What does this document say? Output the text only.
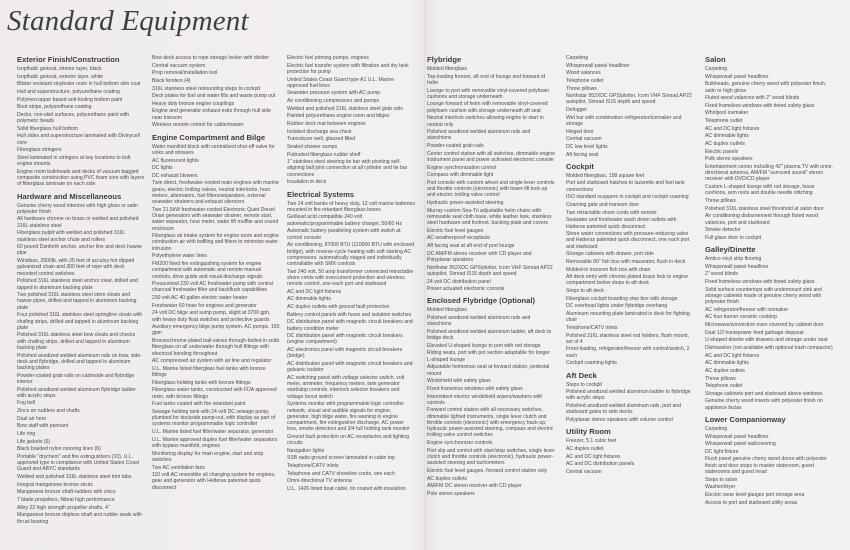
Standard Equipment
Exterior Finish/Construction
Isopthalic gelcoat, interior layer, black
Isopthalic gelcoat, exterior layer, white
Blister resistant vinylester resin in hull bottom skin coat
Hull and superstructure, polyurethane coating
Polymercopper based anti-fouling bottom paint
Boot stripe, polyurethane coating
Decks, non-skid surfaces, polyurethane paint with polymeric beads
Solid fiberglass hull bottom
Hull sides and superstructure laminated with Divinycell core
Fiberglass stringers
Steel laminated in stringers at key locations to bolt engine mounts
Engine room bulkheads and decks of vacuum bagged composite construction using PVC foam core with layers of fiberglass laminate on each side
Hardware and Miscellaneous
Genuine cherry wood interiors with high gloss or satin polyester finish
All hardware chrome on brass or welded and polished 316L stainless steel
Fiberglass pulpit with welded and polished 316L stainless steel anchor chute and rollers
60 pound Danforth anchor, anchor line and deck hawse pipe
Windlass, 2500lb. with 25 feet of acculoy hot dipped galvanized chain and 300 feet of rope with deck mounted control switches
Polished 316L stainless steel anchor cleat, drilled and tapped in aluminum backing plate
Two polished 316L stainless steel stern cleats and hawse pipes, drilled and tapped in aluminum backing plate
Four polished 316L stainless steel springline cleats with chafing strips, drilled and tapped in aluminum backing plate
Polished 316L stainless steel bow cleats and chocks with chafing strips, drilled and tapped in aluminum backing plate
Polished anodized welded aluminum rails on bow, side-deck and flybridge, drilled and tapped in aluminum backing plates
Powder-coated grab rails on cabinside and flybridge interior
Polished anodized welded aluminum flybridge ladder with acrylic steps
Fog bell
Zincs on rudders and shafts
Dual air horn
Bow staff with pennant
Life ring
Life jackets (6)
Black braided nylon mooring lines (6)
Portable "drychem" and fire extinguishers (10), U.L. approved type in compliance with United States Coast Guard and ABYC standards
Welded and polished 316L stainless steel trim tabs
Integral manganese bronze struts
Manganese bronze shaft-rudders with zincs
7 blade propellers, Nibral high performance
Alloy 22 high strength propeller shafts, 4"
Manganese bronze dripless shaft and rudder seals with thrust bearing
Bow deck access to rope storage locker with divider
Central vacuum system
Prop removal/installation tool
Black fenders (4)
316L stainless steel rebounding steps to cockpit
Deck plates for fuel and water fills and waste pump out
Heavy duty bronze engine couplings
Engine and generator exhaust exits through hull side near transom
Wireless remote control for cable/master
Engine Compartment and Bilge
Water manifold block with centralized shut-off valve for sinks and showers
AC fluorescent lights
DC lights
DC exhaust blowers
Twin direct, freshwater-cooled main engines with marine gears, electric trolling valves, neutral interlocks, hour meters, alternators, fuel filters/separators, external seawater strainers and exhaust silencers
Two 21.5kW freshwater-cooled Electronic Quiet Diesel Onan generators with seawater strainer, remote start, water separator, hour meter, water lift muffler and sound enclosure
Fiberglass air intake system for engine room and engine combustion air with baffling and filters to minimize water intrusion
Polyethylene water lines
FM200 fixed fire extinguishing system for engine compartment with automatic and remote manual controls, drive guide and visual discharge signals
Pressurized 230 volt AC freshwater pump with central charcoal freshwater filter and backflush capabilities
230 volt AC 40 gallon electric water heater
Freshwater 60 hose for engines and generator
24 volt DC bilge and sump pump, slight at 3700 gph, with heavy duty float switches and protective guards
Auxiliary emergency bilge pump system, AC pumps, 150 gpm
Bronze/chrome plated ball-valves through-bolted in solid fiberglass on all underwater through hull fittings with electrical bonding throughout
AC compressed air system with air line and regulator
U.L. Marine listed fiberglass fuel tanks with bronze fittings
Fiberglass holding tanks with bronze fittings
Fiberglass water tanks, constructed with FDA approved resin, with bronze fittings
Fuel tanks coated with fire retardant paint
Sewage holding tank with 24 volt DC sewage pump, plumbed for dockside pump-out, with display as part of systems monitor programmable logic controller
U.L. Marine listed fuel filter/water separator, generator
U.L. Marine approved duplex fuel filter/water separators with bypass manifold, engines
Monitoring display for main engine, start and stop switches
Two AC ventilation fans
110 volt AC reversible oil changing system for engines, gear and generator with Helteras patented quick disconnect
Electric fuel priming pumps, engines
Electric fuel transfer system with filtration and dry tank protection for pump
United States Coast Guard type A1 U.L. Marine approved fuel lines
Seawater pressure system with AC pump
Air conditioning compressors and pumps
Welded and polished 316L stainless steel grab rails
Painted polyurethane engine room and bilges
Rubber deck mat between engines
Isolated discharge sea chest
Transducer well, glassed filled
Sealed shower sumps
Pultruded fiberglass rudder shelf
1" stainless steel steering tie bar with pivoting self-aligning ball joint connection at all cylinder and tie bar connections
Insulation in deck
Electrical Systems
Two 24 volt banks of heavy duty, 12 volt marine batteries mounted in fire retardant fiberglass boxes
Gel/lead acid compatible 240 volt automatic/programmable battery charger, 50/60 Hz
Automatic battery paralleling system with switch at control console
Air conditioning, 87000 BTU (110000 BTU with enclosed bridge), with reverse-cycle heating with soft starting AC compressors, automatically staged and individually controllable with SMX controls
Two 240 volt, 50 amp transformer connected retractable shore cords with overcurrent protection and wireless remote control, one each port and starboard
AC and DC light fixtures
AC dimmable lights
AC duplex outlets with ground fault protection
Battery control panels with fuses and isolation switches
DC distribution panel with magnetic circuit breakers and battery condition meter
DC distribution panel with magnetic circuit breakers (engine compartment)
AC electronics panel with magnetic circuit breakers (bridge)
AC distribution panel with magnetic circuit breakers and galvanic isolator
AC switching panel with voltage selector switch, volt meter, ammeter, frequency meters, twin generator start/stop controls, interlock selector breakers and voltage boost switch
Systems monitor with programmable logic controller network, visual and audible signals for engine, generator, high bilge water, fire warning in engine compartment, fire extinguisher discharge, AC power loss, smoke detectors and 3/4 full holding tank monitor
Ground fault protection on AC receptacles and lighting circuits
Navigation lights
SSB radio ground screen laminated in cabin top
Telephone/CATV inlets
Telephone and CATV shoreline cords, one each
Omni-directional TV antenna
U.L. 1426 listed boat cable, tin coated with insulation
Flybridge
Molded fiberglass
Top-loading freezer, aft end of lounge and forward of helm
Lounge to port with removable vinyl-covered polyfoam cushions and storage underneath
Lounge forward of helm with removable vinyl-covered polyfoam cushion with storage underneath aft seat
Neutral interlock switches allowing engine to start in neutral only
Polished anodized welded aluminum rails and stanchions
Powder-coated grab rails
Center control station with all switches, dimmable engine instrument panel and power activated electronic console
Engine synchronization control
Compass with dimmable light
Pod console with custom wheel and single lever controls and throttle controls (electronic) with tower-lift lock-up and electric trolling valve control
Hydraulic power-assisted steering
Murray custom Sea-Tri adjustable helm chairs with removable seat cloth base, white leather look, stainless steel hardware and footrest, backing plate and covers
Electric fuel level gauges
AC weatherproof receptacle
Aft facing seat at aft end of port lounge
DC AM/FM stereo receiver with CD player and Polyplanar speakers
Northstar 952XDC GPS/plotter, Icom VHF Simrad AP22 autopilot, Simrad IS15 depth and speed
24 volt DC distribution panel
Power actuated electronic console
Enclosed Flybridge (Optional)
Molded fiberglass
Polished anodized welded aluminum rails and stanchions
Polished anodized welded aluminum ladder, aft deck to bridge deck
Elevated U-shaped lounge to port with rod storage
Riding seats, port with pot section adaptable for longer L-shaped lounge
Adjustable helmsman seat at forward station, pedestal mount
Windshield with safety glass
Fixed frameless windows with safety glass
Intermittent electric windshield wipers/washers with controls
Forward control station with all necessary switches, dimmable lighted instruments, single lever clutch and throttle controls (electronic) with emergency back-up, hydraulic power-assisted steering, compass and electric trolling valve control switches
Engine synchronizer controls
Port slip and control with starr/stop switches, single lever clutch and throttle controls (electronic), hydraulic power-assisted steering and tachometers
Electric fuel level gauges, forward control station only
AC duplex outlets
AM/FM DC stereo receiver with CD player
Pole stereo speakers
Carpeting
Whisperwall panel headliner
Wood valances
Telephone outlet
Throw pillows
Northstar 952XDC GPS/plotter, Icom VHF Simrad AP22 autopilot, Simrad IS15 depth and speed
Defogger
Wet bar with combination refrigerator/icemaker and storage
Hinged door
Central vacuum
DC low level lights
Aft facing seat
Cockpit
Molded fiberglass, 158 square feet
Port and starboard hatches to lazarette and fuel tank connections
ISO standard scuppers in cockpit and cockpit coaming
Coaming gate and transom door
Two retractable shore cords with remote
Seawater and freshwater wash down outlets with Hatteras patented quick disconnect
Shore water connections with pressure-reducing valve and Hatteras patented quick disconnect, one each port and starboard
Storage cabinets with drawer, port side
Removable 80" fish box with macerator, flush in deck
Molded-in transom fish box with drain
Aft deck entry with chrome plated brass lock to engine compartment below steps to aft deck
Steps to aft deck
Fiberglass cockpit boarding step box with storage
DC overhead lights under flybridge overhang
Aluminum mounting plate laminated in deck for fighting chair
Telephone/CATV inlets
Polished 316L stainless steel rod holders, flush mount, set of 4
Front-loading, refrigerator/freezer with control/switch, 2 each
Cockpit coaming lights
Aft Deck
Steps to cockpit
Polished anodized welded aluminum ladder to flybridge with acrylic steps
Polished anodized welded aluminum rails, port and starboard gates to side decks
Polyplanar stereo speakers with volume control
Utility Room
Freezer, 5.1 cubic feet
AC duplex outlet
AC and DC light fixtures
AC and DC distribution panels
Central vacuum
Salon
Carpeting
Whisperwall panel headliner
Bulkheads, genuine cherry wood with polyester finish, satin or high gloss
Fluted wood valances with 2" wood blinds
Fixed frameless windows with tinted safety glass
Whirlpool icemaker
Telephone outlet
AC and DC light fixtures
AC dimmable lights
AC duplex outlets
Electric panels
Polk stereo speakers
Entertainment center including 42" plasma TV with omni-directional antenna, AM/FM "surround sound" stereo receiver with DVD/CD player
Custom L-shaped lounge with rod storage, loose cushions, arm rests and double needle stitching
Throw pillows
Polished 316L stainless steel threshold at salon door
Air conditioning disbursement through fluted wood valances, port and starboard
Smoke detector
Full glass door to cockpit
Galley/Dinette
Amtico vinyl strip flooring
Whisperwall panel headliner
2" wood blinds
Fixed frameless windows with tinted safety glass
Solid surface countertops with undermount sink and storage cabinets made of genuine cherry wood with polyester finish
AC refrigerator/freezer with icemaker
AC four burner ceramic cooktop
Microwave/convection oven covered by cabinet door
Dual 1/2 horsepower feed garbage disposal
U-shaped dinette with drawers and storage under seat
Dishwasher (not available with optional trash compactor)
AC and DC light fixtures
AC dimmable lights
AC duplex outlets
Throw pillows
Telephone outlet
Storage cabinets port and starboard above windows
Genuine cherry wood inserts with polyester finish on appliance facias
Lower Companionway
Carpeting
Whisperwall panel headliner
Whisperwall panel wallcovering
DC light fixture
Flush panel genuine cherry wood doors with polyester finish and door stops to master stateroom, guest staterooms and guest head
Steps to salon
Washer/dryer
Electric wear level gauges port storage area
Access to port and starboard utility areas
